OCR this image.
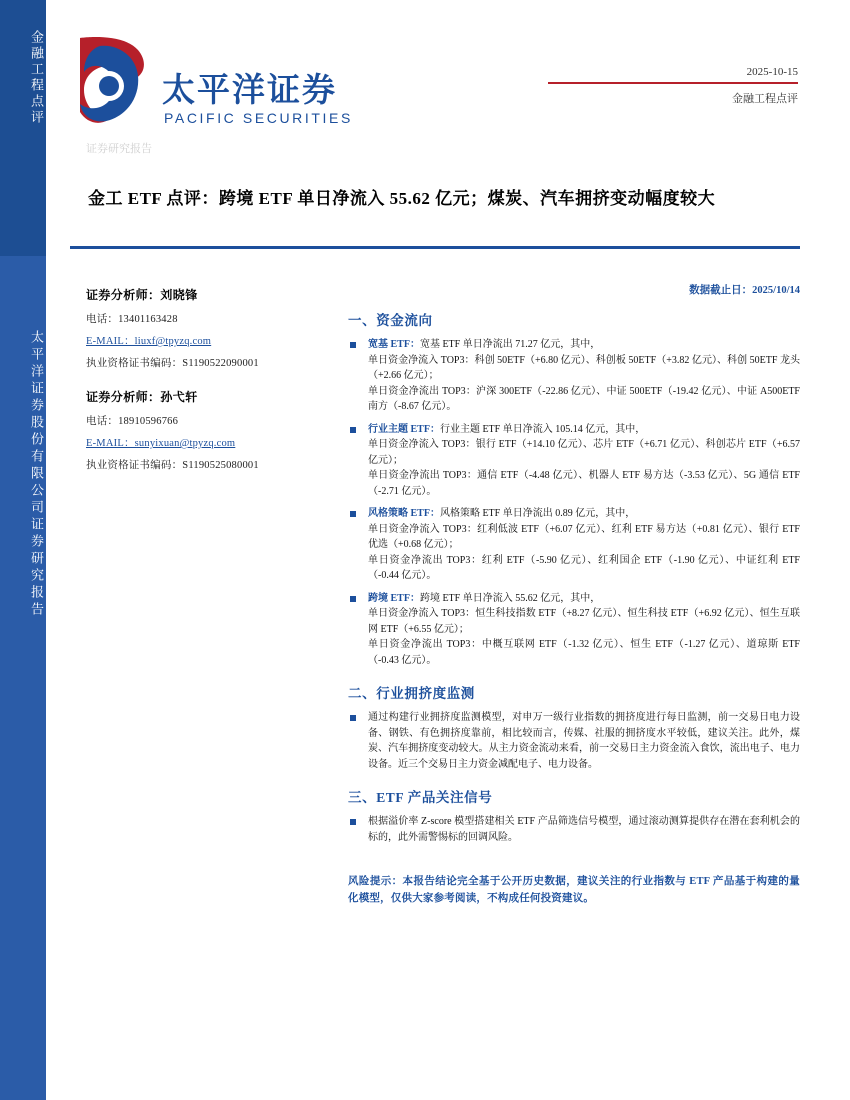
金融工程点评
太平洋证券股份有限公司证券研究报告
太平洋证券
PACIFIC SECURITIES
2025-10-15
金融工程点评
证券研究报告
金工 ETF 点评：跨境 ETF 单日净流入 55.62 亿元；煤炭、汽车拥挤变动幅度较大
证券分析师：刘晓锋
电话：13401163428
E-MAIL：liuxf@tpyzq.com
执业资格证书编码：S1190522090001
证券分析师：孙弋轩
电话：18910596766
E-MAIL：sunyixuan@tpyzq.com
执业资格证书编码：S1190525080001
数据截止日：2025/10/14
一、资金流向
宽基 ETF：宽基 ETF 单日净流出 71.27 亿元，其中，
单日资金净流入 TOP3：科创 50ETF（+6.80 亿元）、科创板 50ETF（+3.82 亿元）、科创 50ETF 龙头（+2.66 亿元）；
单日资金净流出 TOP3：沪深 300ETF（-22.86 亿元）、中证 500ETF（-19.42 亿元）、中证 A500ETF 南方（-8.67 亿元）。
行业主题 ETF：行业主题 ETF 单日净流入 105.14 亿元，其中，
单日资金净流入 TOP3：银行 ETF（+14.10 亿元）、芯片 ETF（+6.71 亿元）、科创芯片 ETF（+6.57 亿元）；
单日资金净流出 TOP3：通信 ETF（-4.48 亿元）、机器人 ETF 易方达（-3.53 亿元）、5G 通信 ETF（-2.71 亿元）。
风格策略 ETF：风格策略 ETF 单日净流出 0.89 亿元，其中，
单日资金净流入 TOP3：红利低波 ETF（+6.07 亿元）、红利 ETF 易方达（+0.81 亿元）、银行 ETF 优选（+0.68 亿元）；
单日资金净流出 TOP3：红利 ETF（-5.90 亿元）、红利国企 ETF（-1.90 亿元）、中证红利 ETF（-0.44 亿元）。
跨境 ETF：跨境 ETF 单日净流入 55.62 亿元，其中，
单日资金净流入 TOP3：恒生科技指数 ETF（+8.27 亿元）、恒生科技 ETF（+6.92 亿元）、恒生互联网 ETF（+6.55 亿元）；
单日资金净流出 TOP3：中概互联网 ETF（-1.32 亿元）、恒生 ETF（-1.27 亿元）、道琼斯 ETF（-0.43 亿元）。
二、行业拥挤度监测
通过构建行业拥挤度监测模型，对申万一级行业指数的拥挤度进行每日监测，前一交易日电力设备、钢铁、有色拥挤度靠前，相比较而言，传媒、社服的拥挤度水平较低，建议关注。此外，煤炭、汽车拥挤度变动较大。从主力资金流动来看，前一交易日主力资金流入食饮，流出电子、电力设备。近三个交易日主力资金减配电子、电力设备。
三、ETF 产品关注信号
根据溢价率 Z-score 模型搭建相关 ETF 产品筛选信号模型，通过滚动测算提供存在潜在套利机会的标的，此外需警惕标的回调风险。
风险提示：本报告结论完全基于公开历史数据，建议关注的行业指数与 ETF 产品基于构建的量化模型，仅供大家参考阅读，不构成任何投资建议。
